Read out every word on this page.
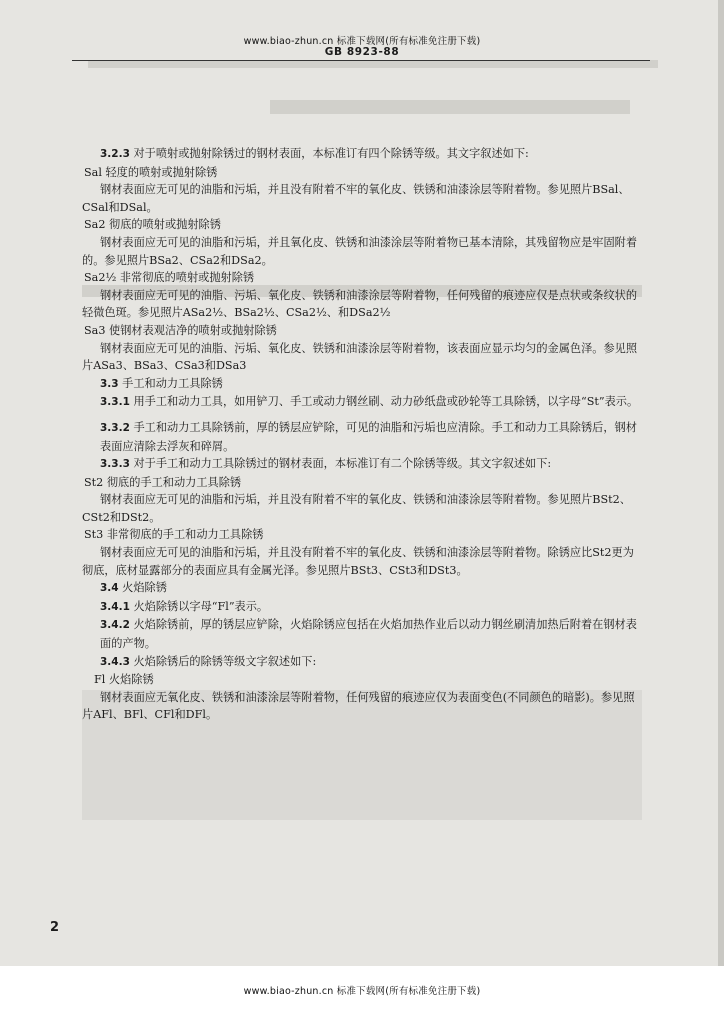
GB 8923-88

3.2.3 对于喷射或抛射除锈过的钢材表面，本标准订有四个除锈等级。其文字叙述如下:

Sal 轻度的喷射或抛射除锈

钢材表面应无可见的油脂和污垢，并且没有附着不牢的氧化皮、铁锈和油漆涂层等附着物。参见照片BSal、CSal和DSal。

Sa2 彻底的喷射或抛射除锈

钢材表面应无可见的油脂和污垢，并且氧化皮、铁锈和油漆涂层等附着物已基本清除，其残留物应是牢固附着的。参见照片BSa2、CSa2和DSa2。

Sa2½ 非常彻底的喷射或抛射除锈

钢材表面应无可见的油脂、污垢、氧化皮、铁锈和油漆涂层等附着物，任何残留的痕迹应仅是点状或条纹状的轻微色斑。参见照片ASa2½、BSa2½、CSa2½、和DSa2½

Sa3 使钢材表观洁净的喷射或抛射除锈

钢材表面应无可见的油脂、污垢、氧化皮、铁锈和油漆涂层等附着物，该表面应显示均匀的金属色泽。参见照片ASa3、BSa3、CSa3和DSa3

3.3 手工和动力工具除锈

3.3.1 用手工和动力工具，如用铲刀、手工或动力钢丝刷、动力砂纸盘或砂轮等工具除锈，以字母“St”表示。

3.3.2 手工和动力工具除锈前，厚的锈层应铲除，可见的油脂和污垢也应清除。手工和动力工具除锈后，钢材表面应清除去浮灰和碎屑。

3.3.3 对于手工和动力工具除锈过的钢材表面，本标准订有二个除锈等级。其文字叙述如下:

St2 彻底的手工和动力工具除锈

钢材表面应无可见的油脂和污垢，并且没有附着不牢的氧化皮、铁锈和油漆涂层等附着物。参见照片BSt2、CSt2和DSt2。

St3 非常彻底的手工和动力工具除锈

钢材表面应无可见的油脂和污垢，并且没有附着不牢的氧化皮、铁锈和油漆涂层等附着物。除锈应比St2更为彻底，底材显露部分的表面应具有金属光泽。参见照片BSt3、CSt3和DSt3。

3.4 火焰除锈

3.4.1 火焰除锈以字母“Fl”表示。

3.4.2 火焰除锈前，厚的锈层应铲除，火焰除锈应包括在火焰加热作业后以动力钢丝刷清加热后附着在钢材表面的产物。

3.4.3 火焰除锈后的除锈等级文字叙述如下:

Fl 火焰除锈

钢材表面应无氧化皮、铁锈和油漆涂层等附着物，任何残留的痕迹应仅为表面变色(不同颜色的暗影)。参见照片AFl、BFl、CFl和DFl。

2
www.biao-zhun.cn 标准下载网(所有标准免注册下载)
www.biao-zhun.cn 标准下载网(所有标准免注册下载)
